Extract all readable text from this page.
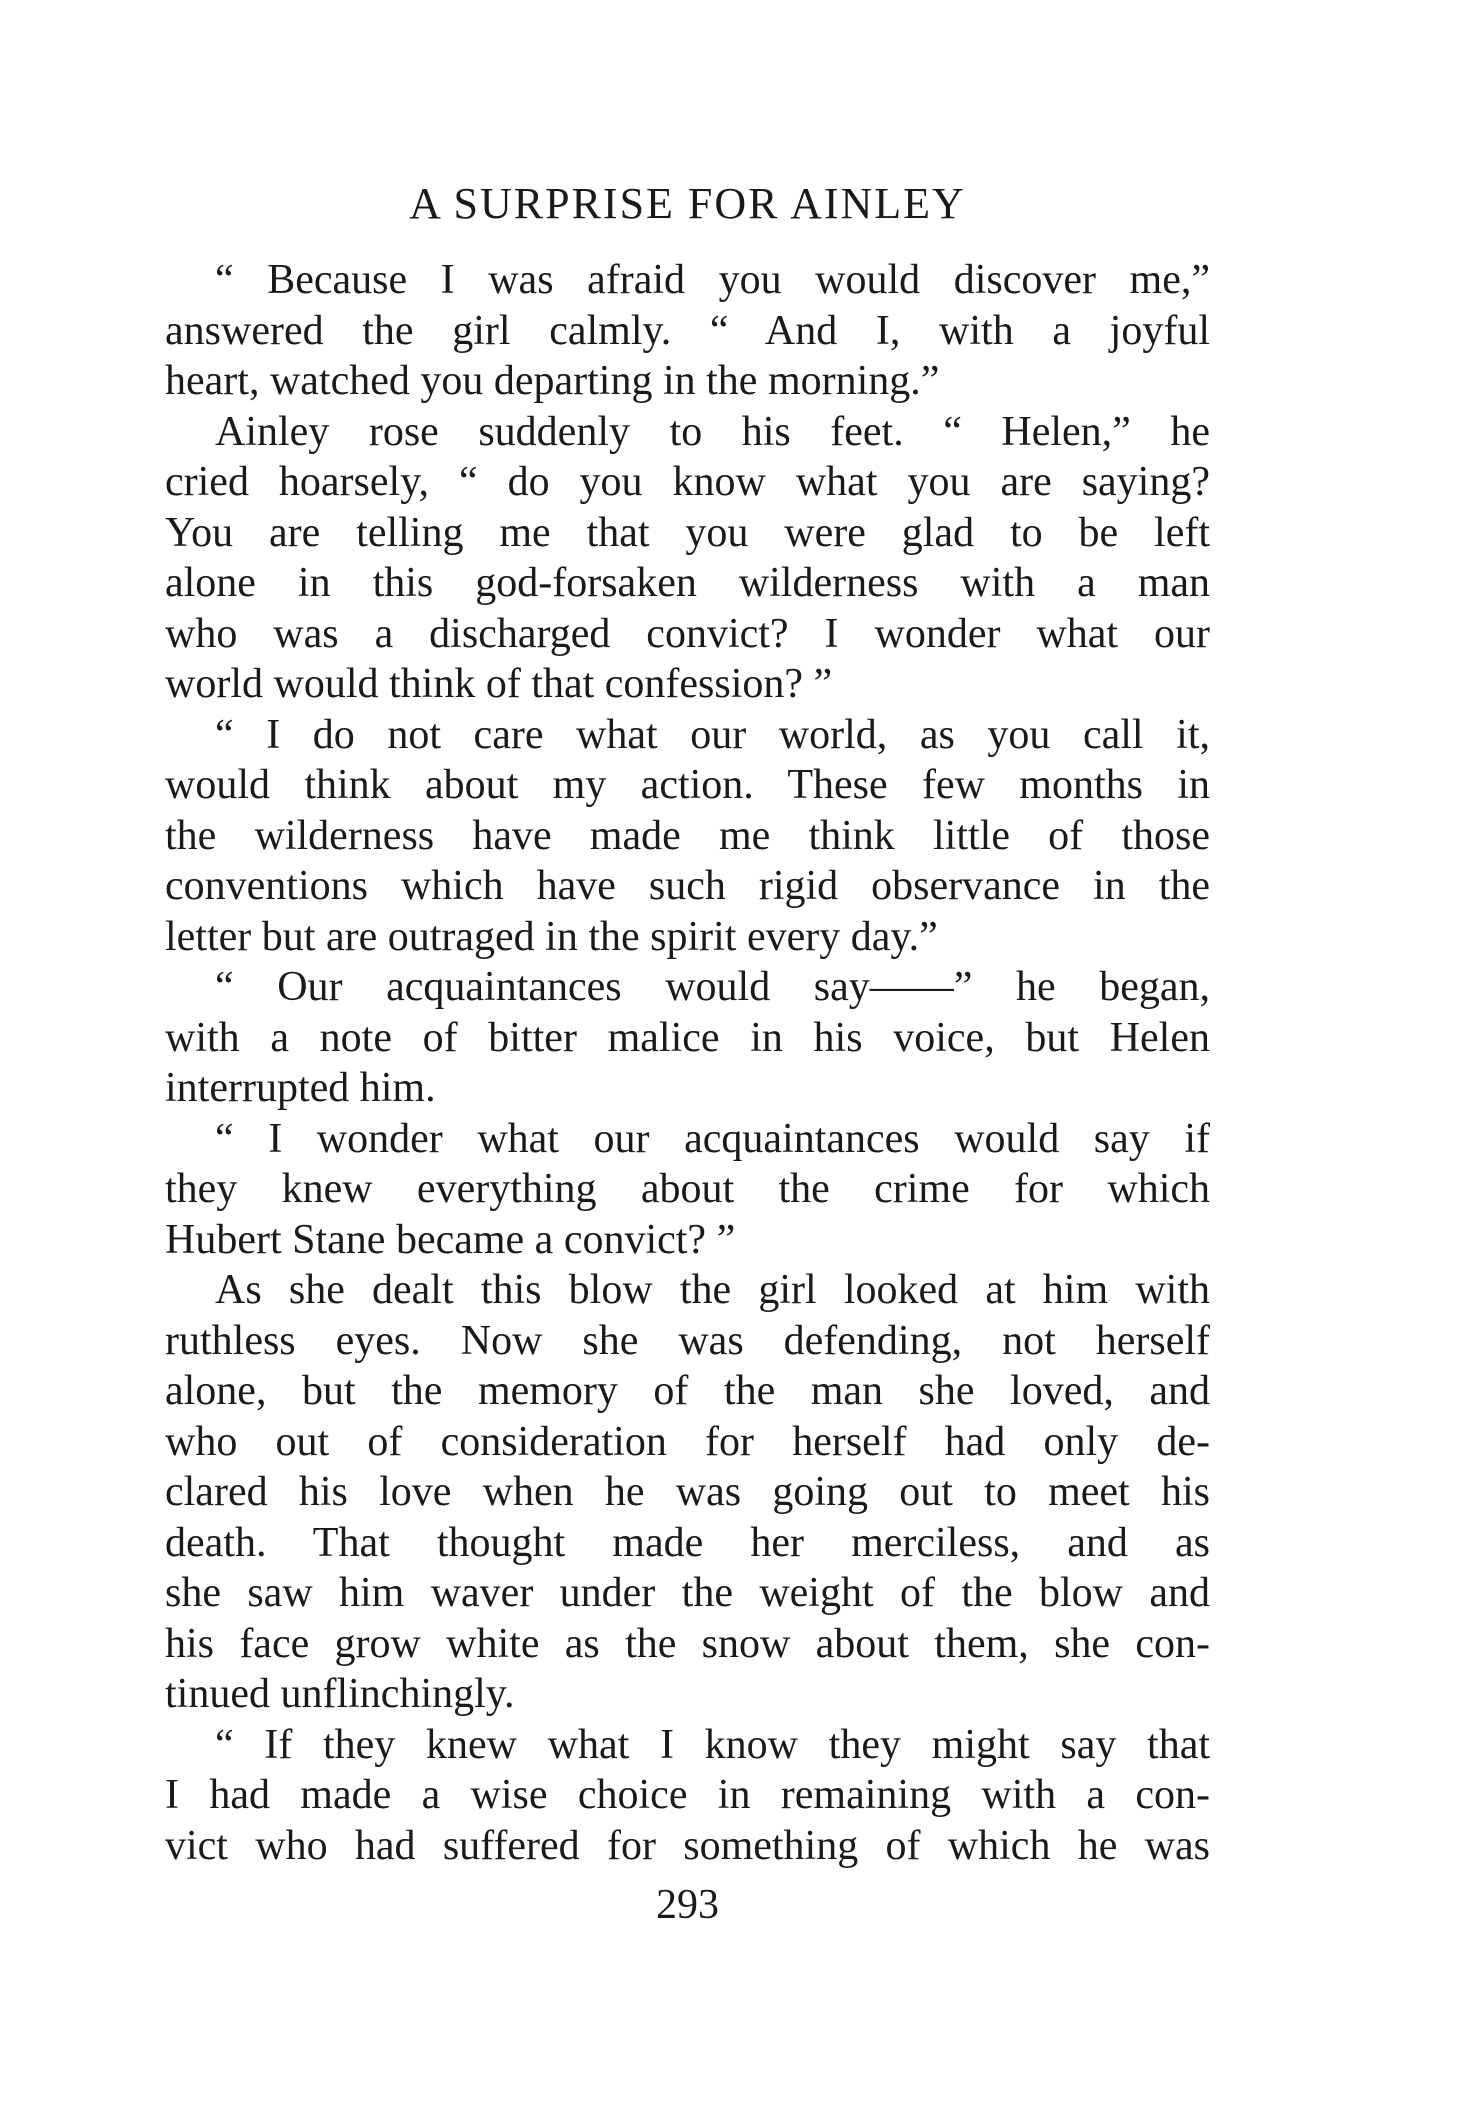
A SURPRISE FOR AINLEY
“ Because I was afraid you would discover me,”
answered the girl calmly. “ And I, with a joyful
heart, watched you departing in the morning.”
Ainley rose suddenly to his feet. “ Helen,” he
cried hoarsely, “ do you know what you are saying?
You are telling me that you were glad to be left
alone in this god-forsaken wilderness with a man
who was a discharged convict? I wonder what our
world would think of that confession? ”
“ I do not care what our world, as you call it,
would think about my action. These few months in
the wilderness have made me think little of those
conventions which have such rigid observance in the
letter but are outraged in the spirit every day.”
“ Our acquaintances would say——” he began,
with a note of bitter malice in his voice, but Helen
interrupted him.
“ I wonder what our acquaintances would say if
they knew everything about the crime for which
Hubert Stane became a convict? ”
As she dealt this blow the girl looked at him with
ruthless eyes. Now she was defending, not herself
alone, but the memory of the man she loved, and
who out of consideration for herself had only de-
clared his love when he was going out to meet his
death. That thought made her merciless, and as
she saw him waver under the weight of the blow and
his face grow white as the snow about them, she con-
tinued unflinchingly.
“ If they knew what I know they might say that
I had made a wise choice in remaining with a con-
vict who had suffered for something of which he was
293
